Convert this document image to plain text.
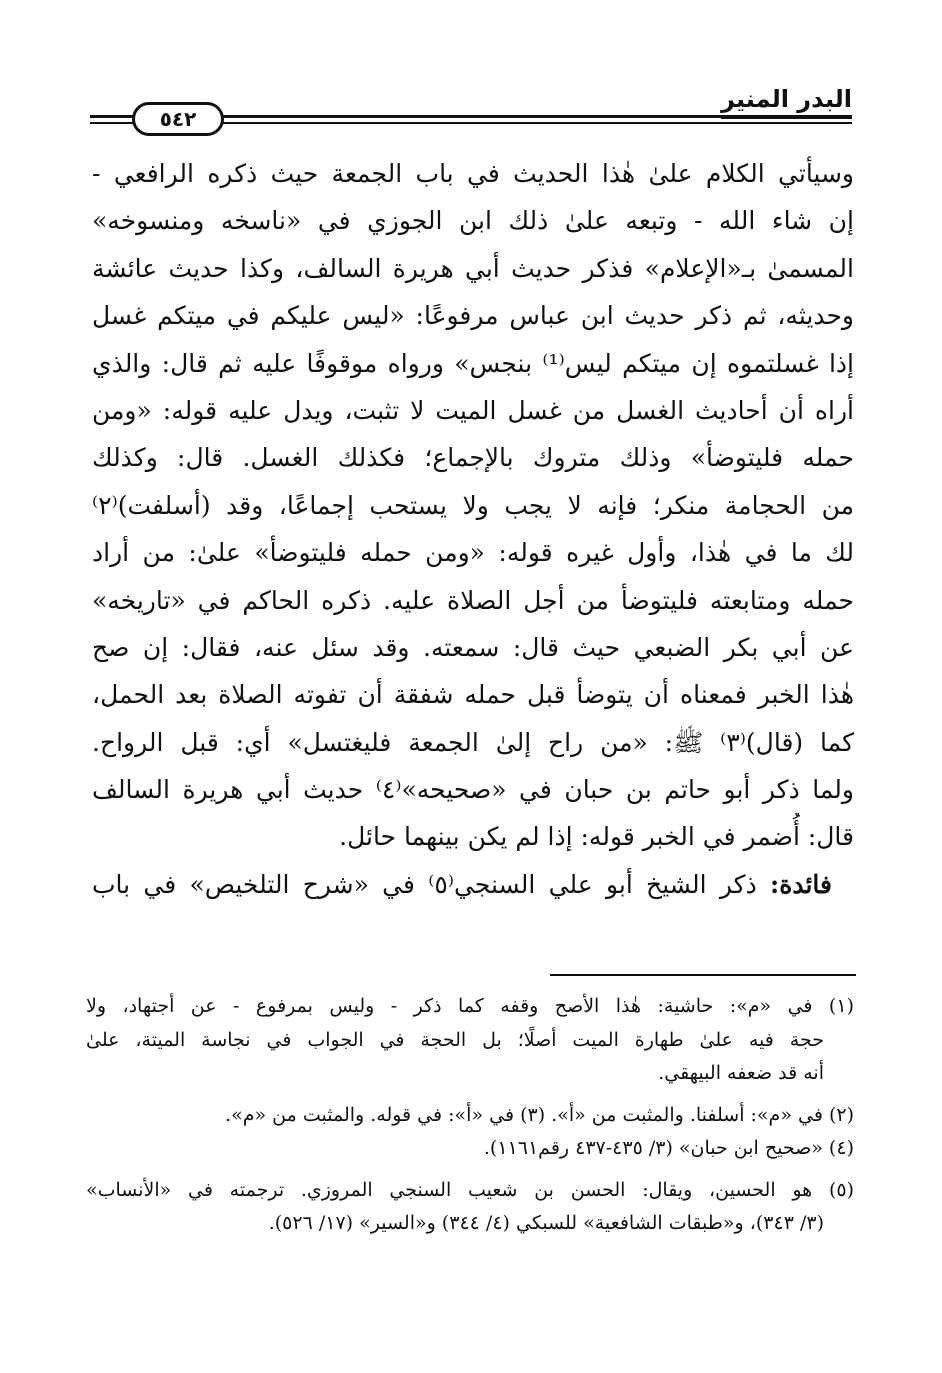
البدر المنير
٥٤٢
وسيأتي الكلام علىٰ هٰذا الحديث في باب الجمعة حيث ذكره الرافعي -
إن شاء الله - وتبعه علىٰ ذلك ابن الجوزي في «ناسخه ومنسوخه»
المسمىٰ بـ«الإعلام» فذكر حديث أبي هريرة السالف، وكذا حديث عائشة
وحديثه، ثم ذكر حديث ابن عباس مرفوعًا: «ليس عليكم في ميتكم غسل
إذا غسلتموه إن ميتكم ليس⁽¹⁾ بنجس» ورواه موقوفًا عليه ثم قال: والذي
أراه أن أحاديث الغسل من غسل الميت لا تثبت، ويدل عليه قوله: «ومن
حمله فليتوضأ» وذلك متروك بالإجماع؛ فكذلك الغسل. قال: وكذلك
من الحجامة منكر؛ فإنه لا يجب ولا يستحب إجماعًا، وقد (أسلفت)⁽٢⁾
لك ما في هٰذا، وأول غيره قوله: «ومن حمله فليتوضأ» علىٰ: من أراد
حمله ومتابعته فليتوضأ من أجل الصلاة عليه. ذكره الحاكم في «تاريخه»
عن أبي بكر الضبعي حيث قال: سمعته. وقد سئل عنه، فقال: إن صح
هٰذا الخبر فمعناه أن يتوضأ قبل حمله شفقة أن تفوته الصلاة بعد الحمل،
كما (قال)⁽٣⁾ ﷺ: «من راح إلىٰ الجمعة فليغتسل» أي: قبل الرواح.
ولما ذكر أبو حاتم بن حبان في «صحيحه»⁽٤⁾ حديث أبي هريرة السالف
قال: أُضمر في الخبر قوله: إذا لم يكن بينهما حائل.
فائدة: ذكر الشيخ أبو علي السنجي⁽٥⁾ في «شرح التلخيص» في باب
(١) في «م»: حاشية: هٰذا الأصح وقفه كما ذكر - وليس بمرفوع - عن أجتهاد، ولا
حجة فيه علىٰ طهارة الميت أصلًا؛ بل الحجة في الجواب في نجاسة الميتة، علىٰ
أنه قد ضعفه البيهقي.
(٢) في «م»: أسلفنا. والمثبت من «أ». (٣) في «أ»: في قوله. والمثبت من «م».
(٤) «صحيح ابن حبان» (٣/ ٤٣٥-٤٣٧ رقم١١٦١).
(٥) هو الحسين، ويقال: الحسن بن شعيب السنجي المروزي. ترجمته في «الأنساب»
(٣/ ٣٤٣)، و«طبقات الشافعية» للسبكي (٤/ ٣٤٤) و«السير» (١٧/ ٥٢٦).
